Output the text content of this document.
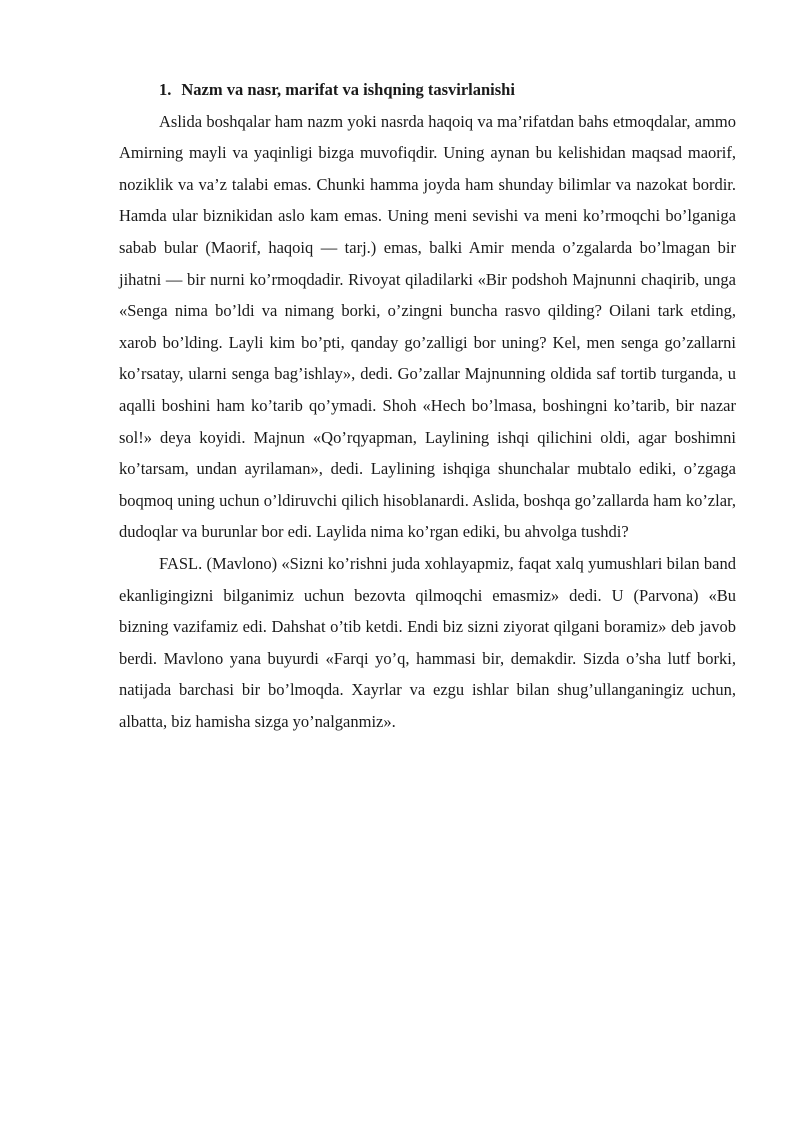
1. Nazm va nasr, marifat va ishqning tasvirlanishi

Aslida boshqalar ham nazm yoki nasrda haqoiq va ma’rifatdan bahs etmoqdalar, ammo Amirning mayli va yaqinligi bizga muvofiqdir. Uning aynan bu kelishidan maqsad maorif, noziklik va va’z talabi emas. Chunki hamma joyda ham shunday bilimlar va nazokat bordir. Hamda ular biznikidan aslo kam emas. Uning meni sevishi va meni ko’rmoqchi bo’lganiga sabab bular (Maorif, haqoiq — tarj.) emas, balki Amir menda o’zgalarda bo’lmagan bir jihatni — bir nurni ko’rmoqdadir. Rivoyat qiladilarki «Bir podshoh Majnunni chaqirib, unga «Senga nima bo’ldi va nimang borki, o’zingni buncha rasvo qilding? Oilani tark etding, xarob bo’lding. Layli kim bo’pti, qanday go’zalligi bor uning? Kel, men senga go’zallarni ko’rsatay, ularni senga bag’ishlay», dedi. Go’zallar Majnunning oldida saf tortib turganda, u aqalli boshini ham ko’tarib qo’ymadi. Shoh «Hech bo’lmasa, boshingni ko’tarib, bir nazar sol!» deya koyidi. Majnun «Qo’rqyapman, Laylining ishqi qilichini oldi, agar boshimni ko’tarsam, undan ayrilaman», dedi. Laylining ishqiga shunchalar mubtalo ediki, o’zgaga boqmoq uning uchun o’ldiruvchi qilich hisoblanardi. Aslida, boshqa go’zallarda ham ko’zlar, dudoqlar va burunlar bor edi. Laylida nima ko’rgan ediki, bu ahvolga tushdi?

FASL. (Mavlono) «Sizni ko’rishni juda xohlayapmiz, faqat xalq yumushlari bilan band ekanligingizni bilganimiz uchun bezovta qilmoqchi emasmiz» dedi. U (Parvona) «Bu bizning vazifamiz edi. Dahshat o’tib ketdi. Endi biz sizni ziyorat qilgani boramiz» deb javob berdi. Mavlono yana buyurdi «Farqi yo’q, hammasi bir, demakdir. Sizda o’sha lutf borki, natijada barchasi bir bo’lmoqda. Xayrlar va ezgu ishlar bilan shug’ullanganingiz uchun, albatta, biz hamisha sizga yo’nalganmiz».
